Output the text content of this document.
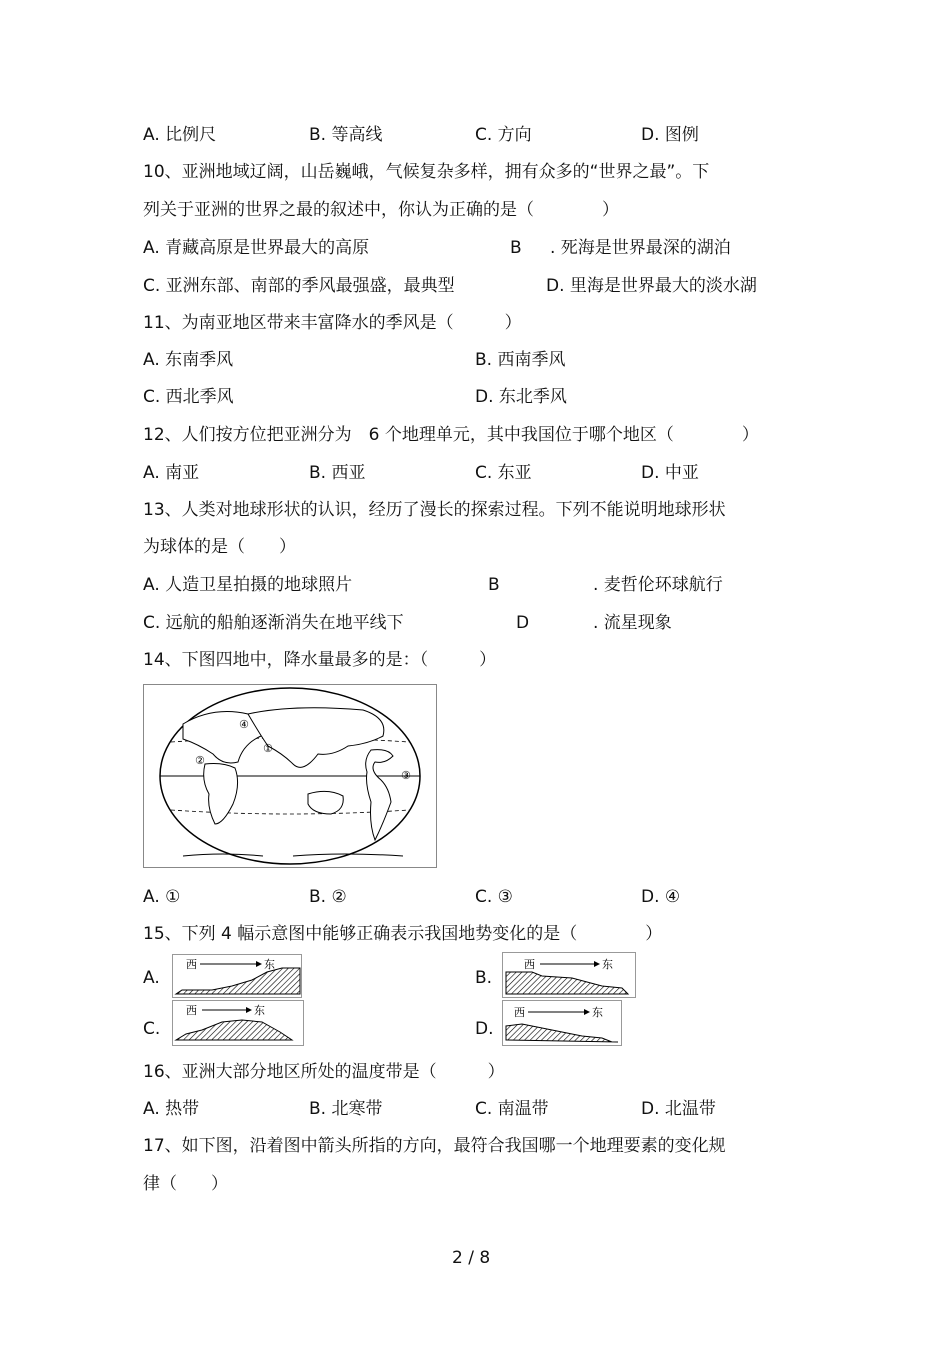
A. 比例尺	B. 等高线	C. 方向	D. 图例
10、亚洲地域辽阔，山岳巍峨，气候复杂多样，拥有众多的“世界之最”。下
列关于亚洲的世界之最的叙述中，你认为正确的是（　　　　）
A. 青藏高原是世界最大的高原	B . 死海是世界最深的湖泊
C. 亚洲东部、南部的季风最强盛，最典型	D. 里海是世界最大的淡水湖
11、为南亚地区带来丰富降水的季风是（　　　）
A. 东南季风	B. 西南季风
C. 西北季风	D. 东北季风
12、人们按方位把亚洲分为　6 个地理单元，其中我国位于哪个地区（　　　　）
A. 南亚	B. 西亚	C. 东亚	D. 中亚
13、人类对地球形状的认识，经历了漫长的探索过程。下列不能说明地球形状
为球体的是（　　）
A. 人造卫星拍摄的地球照片	B	. 麦哲伦环球航行
C. 远航的船舶逐渐消失在地平线下	D	. 流星现象
14、下图四地中，降水量最多的是：（　　　）
①
②
③
④
A. ①	B. ②	C. ③	D. ④
15、下列 4 幅示意图中能够正确表示我国地势变化的是（　　　　）
A.
西	东
B.
西	东
C.
西	东
D.
西	东
16、亚洲大部分地区所处的温度带是（　　　）
A. 热带	B. 北寒带	C. 南温带	D. 北温带
17、如下图，沿着图中箭头所指的方向，最符合我国哪一个地理要素的变化规
律（　　）
2 / 8
